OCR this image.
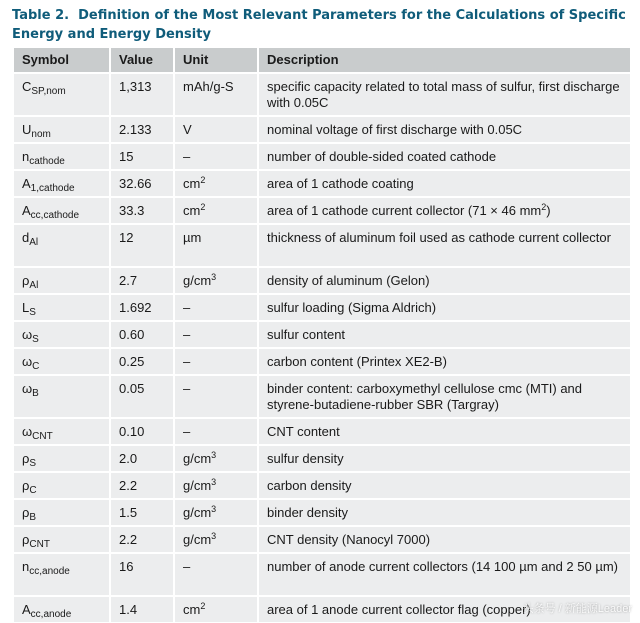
Table 2. Definition of the Most Relevant Parameters for the Calculations of Specific Energy and Energy Density
Symbol	Value	Unit	Description
$C_{SP,nom}$	1,313	mAh/g-S	specific capacity related to total mass of sulfur, first discharge with 0.05C
$U_{nom}$	2.133	V	nominal voltage of first discharge with 0.05C
$n_{cathode}$	15	–	number of double-sided coated cathode
$A_{1,cathode}$	32.66	$cm^2$	area of 1 cathode coating
$A_{cc,cathode}$	33.3	$cm^2$	area of 1 cathode current collector (71 × 46 $mm^2$)
$d_{Al}$	12	µm	thickness of aluminum foil used as cathode current collector
$\rho_{Al}$	2.7	$g/cm^3$	density of aluminum (Gelon)
$L_S$	1.692	–	sulfur loading (Sigma Aldrich)
$\omega_S$	0.60	–	sulfur content
$\omega_C$	0.25	–	carbon content (Printex XE2-B)
$\omega_B$	0.05	–	binder content: carboxymethyl cellulose cmc (MTI) and styrene-butadiene-rubber SBR (Targray)
$\omega_{CNT}$	0.10	–	CNT content
$\rho_S$	2.0	$g/cm^3$	sulfur density
$\rho_C$	2.2	$g/cm^3$	carbon density
$\rho_B$	1.5	$g/cm^3$	binder density
$\rho_{CNT}$	2.2	$g/cm^3$	CNT density (Nanocyl 7000)
$n_{cc,anode}$	16	–	number of anode current collectors (14 100 µm and 2 50 µm)
$A_{cc,anode}$	1.4	$cm^2$	area of 1 anode current collector flag (copper)
头条号 / 新能源Leader
